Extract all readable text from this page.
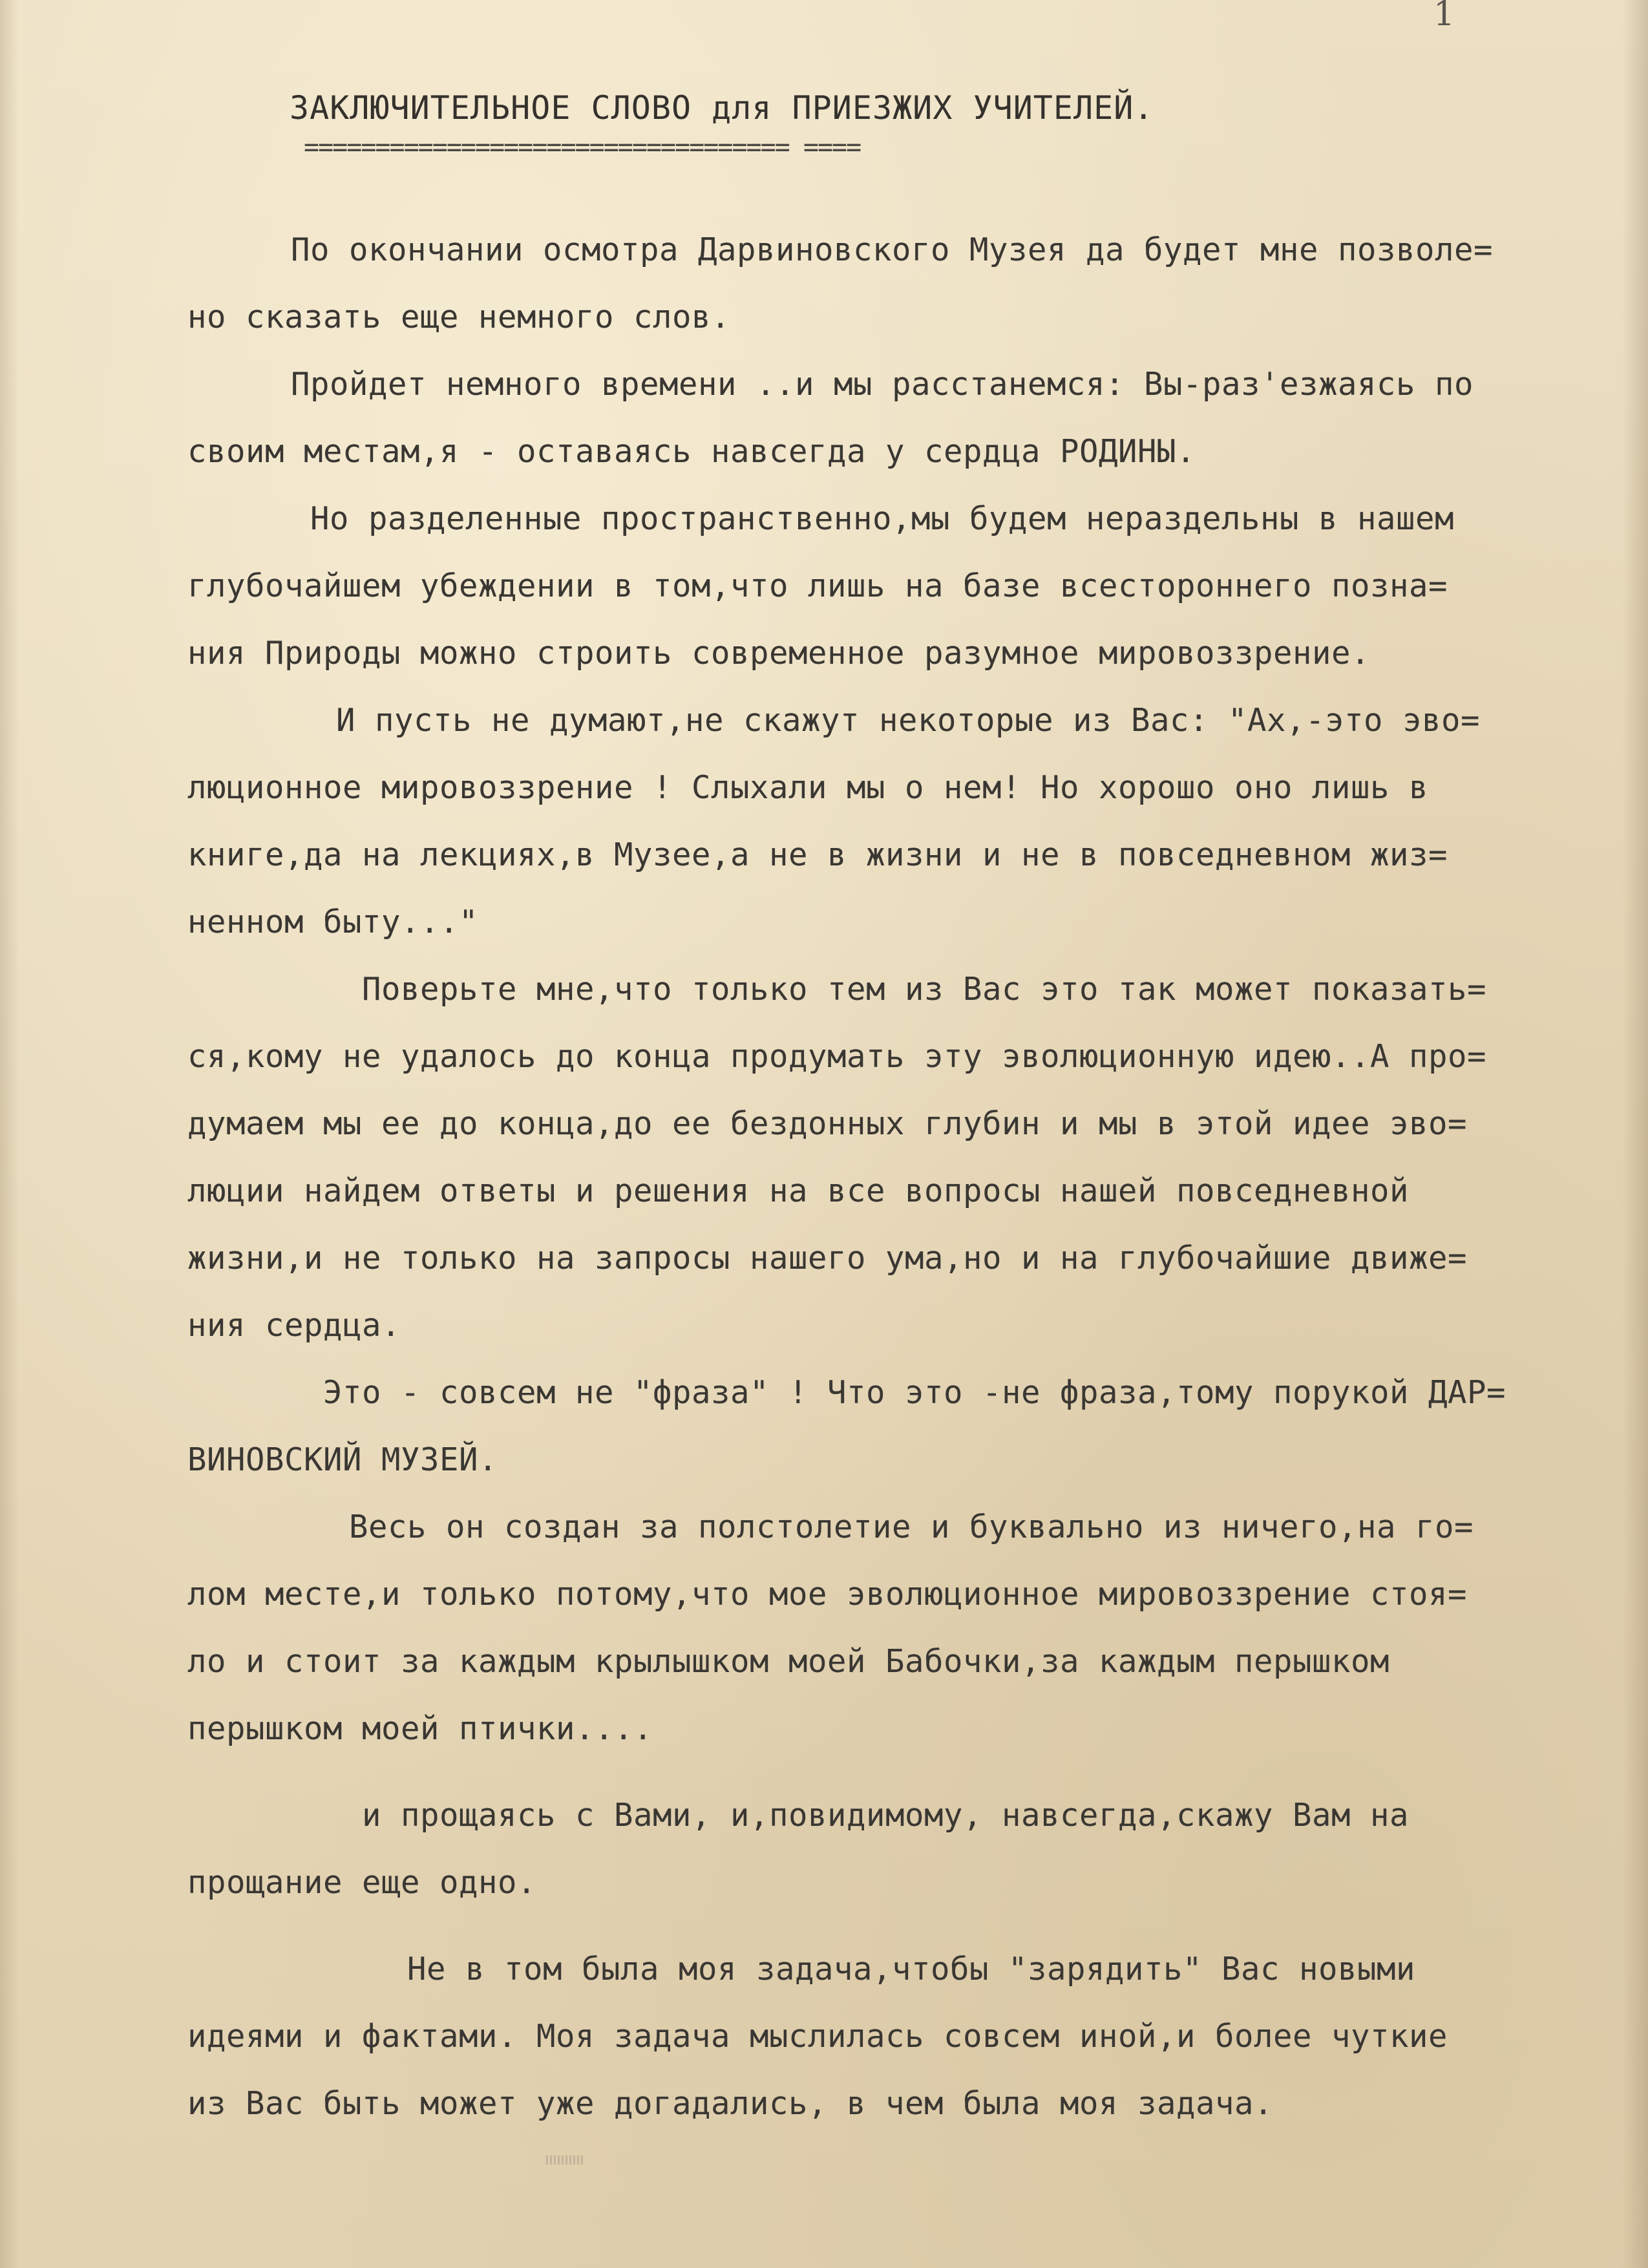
1
ЗАКЛЮЧИТЕЛЬНОЕ СЛОВО для ПРИЕЗЖИХ УЧИТЕЛЕЙ.
================================== ====
По окончании осмотра Дарвиновского Музея да будет мне позволе=
но сказать еще немного слов.
Пройдет немного времени ..и мы расстанемся: Вы-раз'езжаясь по
своим местам,я - оставаясь навсегда у сердца РОДИНЫ.
Но разделенные пространственно,мы будем нераздельны в нашем
глубочайшем убеждении в том,что лишь на базе всестороннего позна=
ния Природы можно строить современное разумное мировоззрение.
И пусть не думают,не скажут некоторые из Вас: "Ах,-это эво=
люционное мировоззрение ! Слыхали мы о нем! Но хорошо оно лишь в
книге,да на лекциях,в Музее,а не в жизни и не в повседневном жиз=
ненном быту..."
Поверьте мне,что только тем из Вас это так может показать=
ся,кому не удалось до конца продумать эту эволюционную идею..А про=
думаем мы ее до конца,до ее бездонных глубин и мы в этой идее эво=
люции найдем ответы и решения на все вопросы нашей повседневной
жизни,и не только на запросы нашего ума,но и на глубочайшие движе=
ния сердца.
Это - совсем не "фраза" ! Что это -не фраза,тому порукой ДАР=
ВИНОВСКИЙ МУЗЕЙ.
Весь он создан за полстолетие и буквально из ничего,на го=
лом месте,и только потому,что мое эволюционное мировоззрение стоя=
ло и стоит за каждым крылышком моей Бабочки,за каждым перышком
перышком моей птички....
и прощаясь с Вами, и,повидимому, навсегда,скажу Вам на
прощание еще одно.
Не в том была моя задача,чтобы "зарядить" Вас новыми
идеями и фактами. Моя задача мыслилась совсем иной,и более чуткие
из Вас быть может уже догадались, в чем была моя задача.
